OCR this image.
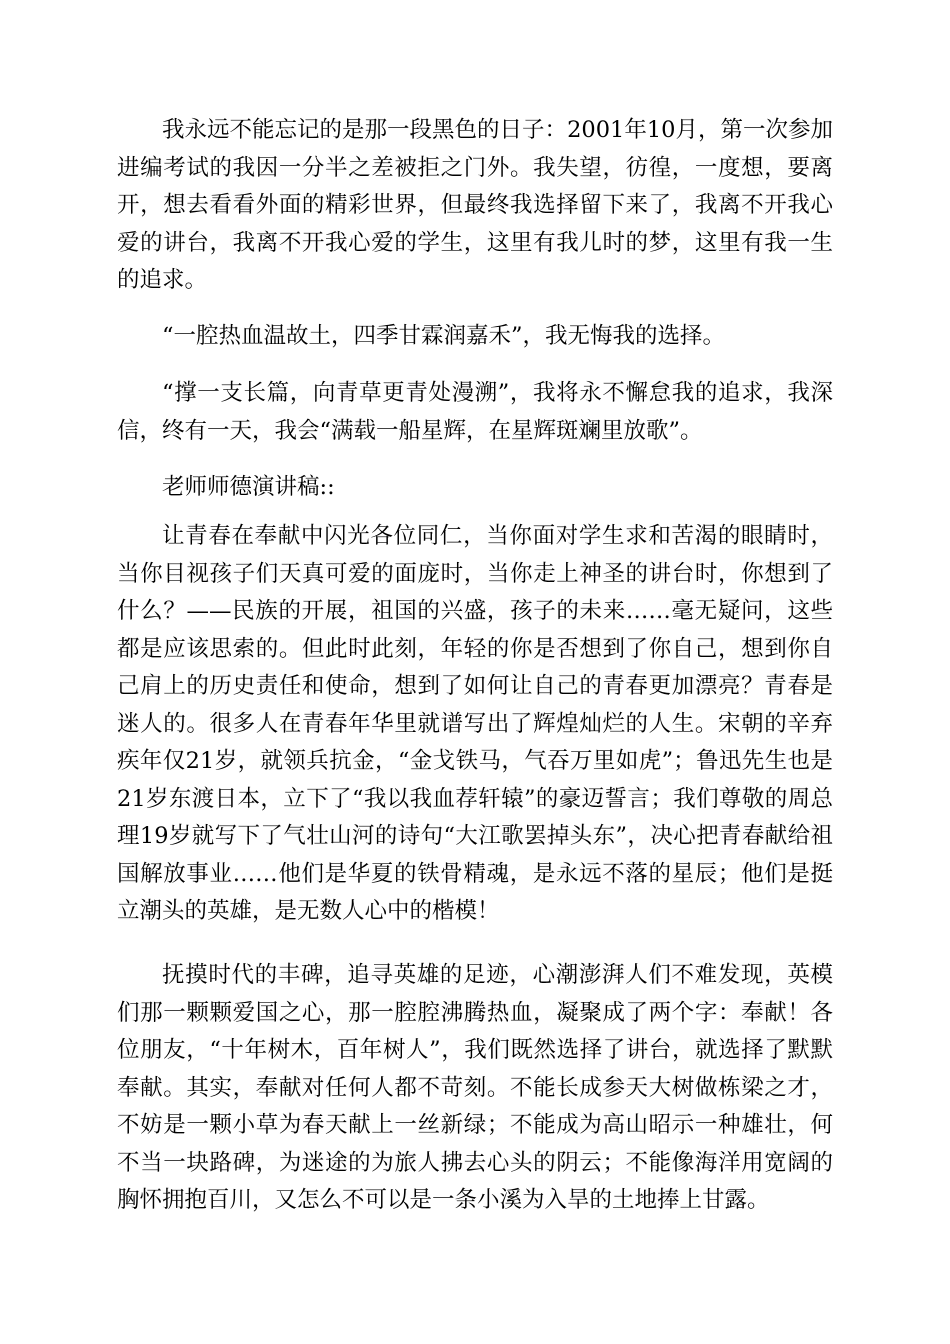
我永远不能忘记的是那一段黑色的日子：2001年10月，第一次参加进编考试的我因一分半之差被拒之门外。我失望，彷徨，一度想，要离开，想去看看外面的精彩世界，但最终我选择留下来了，我离不开我心爱的讲台，我离不开我心爱的学生，这里有我儿时的梦，这里有我一生的追求。

“一腔热血温故土，四季甘霖润嘉禾”，我无悔我的选择。

“撑一支长篇，向青草更青处漫溯”，我将永不懈怠我的追求，我深信，终有一天，我会“满载一船星辉，在星辉斑斓里放歌”。

老师师德演讲稿::

让青春在奉献中闪光各位同仁，当你面对学生求和苦渴的眼睛时，当你目视孩子们天真可爱的面庞时，当你走上神圣的讲台时，你想到了什么？——民族的开展，祖国的兴盛，孩子的未来……毫无疑问，这些都是应该思索的。但此时此刻，年轻的你是否想到了你自己，想到你自己肩上的历史责任和使命，想到了如何让自己的青春更加漂亮？青春是迷人的。很多人在青春年华里就谱写出了辉煌灿烂的人生。宋朝的辛弃疾年仅21岁，就领兵抗金，“金戈铁马，气吞万里如虎”；鲁迅先生也是21岁东渡日本，立下了“我以我血荐轩辕”的豪迈誓言；我们尊敬的周总理19岁就写下了气壮山河的诗句“大江歌罢掉头东”，决心把青春献给祖国解放事业……他们是华夏的铁骨精魂，是永远不落的星辰；他们是挺立潮头的英雄，是无数人心中的楷模！

抚摸时代的丰碑，追寻英雄的足迹，心潮澎湃人们不难发现，英模们那一颗颗爱国之心，那一腔腔沸腾热血，凝聚成了两个字：奉献！各位朋友，“十年树木，百年树人”，我们既然选择了讲台，就选择了默默奉献。其实，奉献对任何人都不苛刻。不能长成参天大树做栋梁之才，不妨是一颗小草为春天献上一丝新绿；不能成为高山昭示一种雄壮，何不当一块路碑，为迷途的为旅人拂去心头的阴云；不能像海洋用宽阔的胸怀拥抱百川，又怎么不可以是一条小溪为入旱的土地捧上甘露。
